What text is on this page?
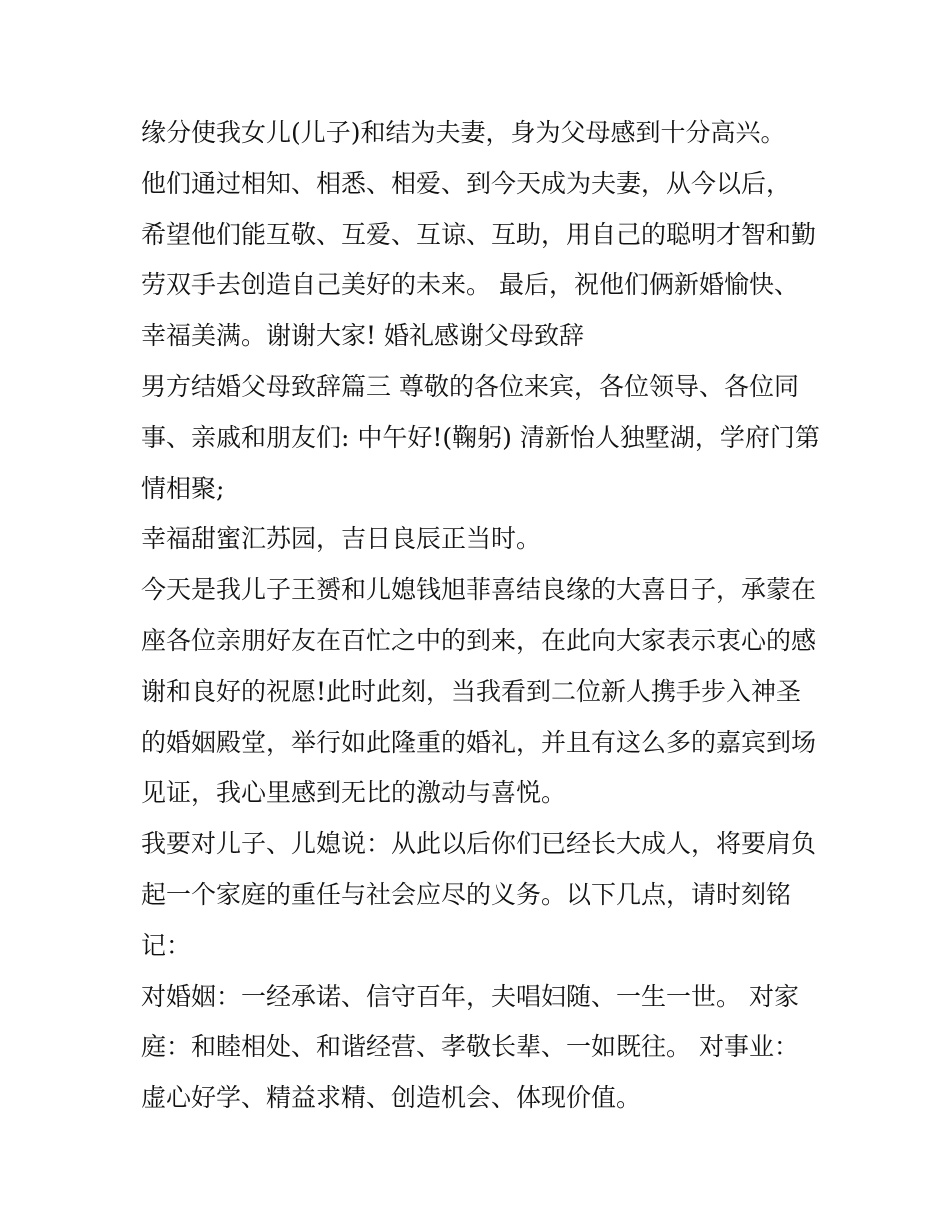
缘分使我女儿(儿子)和结为夫妻，身为父母感到十分高兴。
他们通过相知、相悉、相爱、到今天成为夫妻，从今以后，
希望他们能互敬、互爱、互谅、互助，用自己的聪明才智和勤
劳双手去创造自己美好的未来。 最后，祝他们俩新婚愉快、
幸福美满。谢谢大家! 婚礼感谢父母致辞
男方结婚父母致辞篇三 尊敬的各位来宾，各位领导、各位同
事、亲戚和朋友们: 中午好!(鞠躬) 清新怡人独墅湖，学府门第
情相聚;
幸福甜蜜汇苏园，吉日良辰正当时。
今天是我儿子王赟和儿媳钱旭菲喜结良缘的大喜日子，承蒙在
座各位亲朋好友在百忙之中的到来，在此向大家表示衷心的感
谢和良好的祝愿!此时此刻，当我看到二位新人携手步入神圣
的婚姻殿堂，举行如此隆重的婚礼，并且有这么多的嘉宾到场
见证，我心里感到无比的激动与喜悦。
我要对儿子、儿媳说：从此以后你们已经长大成人，将要肩负
起一个家庭的重任与社会应尽的义务。以下几点，请时刻铭
记：
对婚姻：一经承诺、信守百年，夫唱妇随、一生一世。 对家
庭：和睦相处、和谐经营、孝敬长辈、一如既往。 对事业：
虚心好学、精益求精、创造机会、体现价值。
